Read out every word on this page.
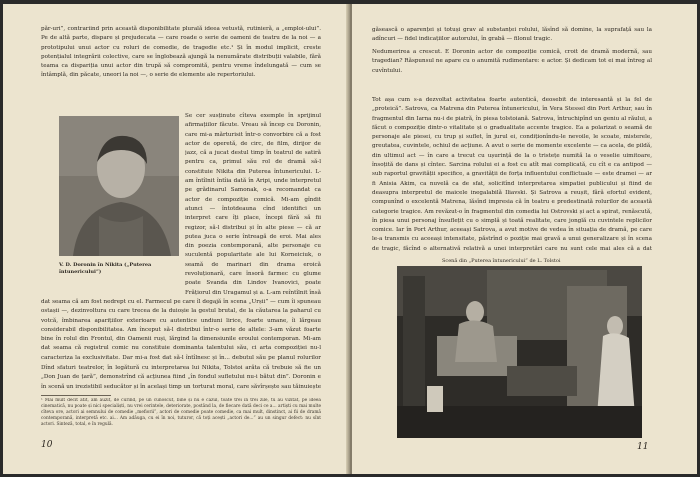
păr-uri”, contrariind prin această disponibilitate plurală ideea vetustă, rutinieră, a „emploi-ului”. Pe de altă parte, dispare și prejudecata — care roade o serie de oameni de teatru de la noi — a prototipului unui actor cu roluri de comedie, de tragedie etc.¹ Și în modul implicit, creste potențialul integrării colective, care se înglobează ajungă la nenumărate distribuții valabile, fără teama ca dispariția unui actor din trupă să compromită, pentru vreme îndelungată — cum se întâmplă, din păcate, uneori la noi —, o serie de elemente ale repertoriului.
V. D. Doronin în Nikita („Puterea întunericului”)
Se cer susținute cîteva exemple în sprijinul afirmațiilor făcute. Vreau să încep cu Doronin, care mi-a mărturisit într-o convorbire că a fost actor de operetă, de circ, de film, dirijor de jazz, că a jucat destul timp în teatrul de satiră pentru ca, primul său rol de dramă să-l constituie Nikita din Puterea întunericului. L-am întîlnit întîia dată în Aripi, unde interpretul pe grădinarul Samonak, o-a recomandat ca actor de compoziție comică. Mi-am gîndit atunci — întotdeauna cînd identifici un interpret care îți place, începi fără să fii regizor, să-l distribui și în alte piese — că ar putea juca o serie întreagă de eroi. Mai ales din poezia contemporană, alte personaje cu suculentă popularitate ale lui Korneiciuk, o seamă de marinari din drama eroică revoluționară, care însoră farmec cu glume poate Svanda din Lindov Ivanovici, poate Frățiorul din Uragamul și a. L-am reîntîlnit însă
dat seama că am fost nedrept cu el. Farmecul pe care îl degajă în scena „Urșii” — cum îi spuneau ostașii —, dezinvoltura cu care trecea de la duioșie la gestul brutal, de la căutarea la paharul cu votcă, îmbinarea aparițiilor exterioare cu autentice undiuni lirice, foarte umane, îi lărgeau considerabil disponibilitatea. Am început să-l distribui într-o serie de altele: 3-am văzut foarte bine în rolul din Frontul, din Oamenii ruși, lărgind la dimensiunile eroului contemporan. Mi-am dat seama că registrul comic nu constituie dominanta talentului său, ci arta compoziției nu-l caracteriza la exclusivitate. Dar mi-a fost dat să-l întîlnesc și în... debutul său pe planul rolurilor
Dînd sfaturi teatrelor, în legătură cu interpretarea lui Nikita, Tolstoi arăta că trebuie să fie un „Don Juan de țară”, demonstrînd că acțiunea fiind „în fondul sufletului nu-i bătut din”. Doronin e în scenă un irezistibil seducător și în același timp un torturat moral, care săvîrșește sau tăinuiește
¹ Mai mult decît atît, am auzit, de curînd, pe un cunoscut, bine și nu e cazul, toate trei în trei zile, tu au vizitat, pe ideea cinematică, nu poate și nici specialiști, nu vrei cerintele, deteriorate, postând la, de fiecare dată deci ce a... artiști cu mai multe cîteva ore, actori ai semnului de comedie „mefiorii”, actori de comedie poate comedie, ca mai mult, dinstinct, ai fii de dramă contemporană, interpretă etc. ai... Am adăuga, cu ei în noi, tuturor, că toți acești „actori de...” au un singur defect: nu sînt actori. Sinteză, total, e în regulă.
10
găsească o aparenței și totuși grav al substanței rolului, lăsînd să domine, la suprafață sau la adîncuri — fidel indicațiilor autorului, în grabă — filonul tragic.
Nedumerirea a crescut. E Doronin actor de compoziție comică, croit de dramă modernă, sau tragedian? Răspunsul ne apare cu o anumită rudimentare: e actor. Și dedicam tot ei mai întreg al cuvîntului.
Tot așa cum s-a dezvoltat activitatea foarte autentică, deosebit de interesantă și la fel de „proteică”. Satrova, ca Matrena din Puterea întunericului, în Vera Stessel din Port Arthur, sau în fragmentul din Iarna nu-i de piatră, în piesa tolstoiană. Satrova, întruchipînd un geniu al răului, a făcut o compoziție dintr-o vitalitate și o gradualitate accente tragice. Ea a polarizat o seamă de personaje ale piesei, cu trup și suflet, în jurul ei, condiționîndu-le nevoile, le scoate, misterele, greutatea, cuvintele, ochiul de acțiune. A avut o serie de momente excelente — ca acela, de pildă, din ultimul act — în care a trecut cu ușurință de la o tristețe numită la o veselie uimitoare, însoțită de dans și cîntec. Sarcina rolului ei a fost cu atît mai complicată, cu cît e ca antipod — sub raportul gravității specifice, a gravității de forța influentului conflictuale — este dramei — ar fi Anisia Akim, ca nuvelă ca de sfat, solicitînd interpretarea simpatiei publicului și fiind de deasupra interpretul de maicele inegalabilă Iliavski. Și Satrova a reușit, fără efortul evident, compunînd o excelentă Matrena, lăsînd impresia că în teatru e predestinată rolurilor de această categorie tragice. Am revăzut-o în fragmentul din comedia lui Ostrovski și act a spirat, renăscută, în piesa unui personaj însuflețit cu o simplă și toată realitate, care jonglă cu cuvintele replicilor comice. Iar în Port Arthur, aceeași Satrova, a avut motive de vedea în situația de dramă, pe care le-a transmis cu aceeași intensitate, păstrînd o poziție mai gravă a unui generalizare și în scena de tragic, făcînd o alternativă relativă a unei interpretări care nu sunt cele mai ales că a dat
Scenă din „Puterea întunericului” de L. Tolstoi
11
